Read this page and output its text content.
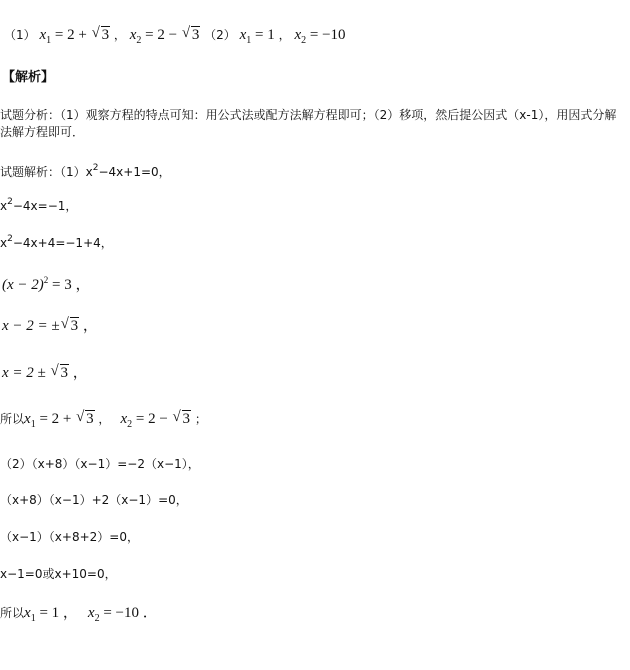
（1） $x_1 = 2$ + √ 3 ， $x_2 = 2$ − √ 3 （2） $x_1 = 1$ ， $x_2 = -10$
【解析】
试题分析：（1）观察方程的特点可知：用公式法或配方法解方程即可；（2）移项，然后提公因式（x-1），用因式分解法解方程即可．
试题解析：$(1)x^2-4x+1=0$，
$x^2-4x=-1$，
$x^2-4x+4=-1+4$，
$(x - 2)^2 = 3$ ，
x − 2 = ±√ 3 ，
x = 2 ± √ 3 ，
所以$x_1 = 2$ + √ 3 ， $x_2 = 2$ − √ 3 ；
（2）（x+8）（x−1）=−2（x−1），
（x+8）（x−1）+2（x−1）=0，
（x−1）（x+8+2）=0，
x−1=0或x+10=0，
所以$x_1 = 1$ ， $x_2 = -10$ ．
